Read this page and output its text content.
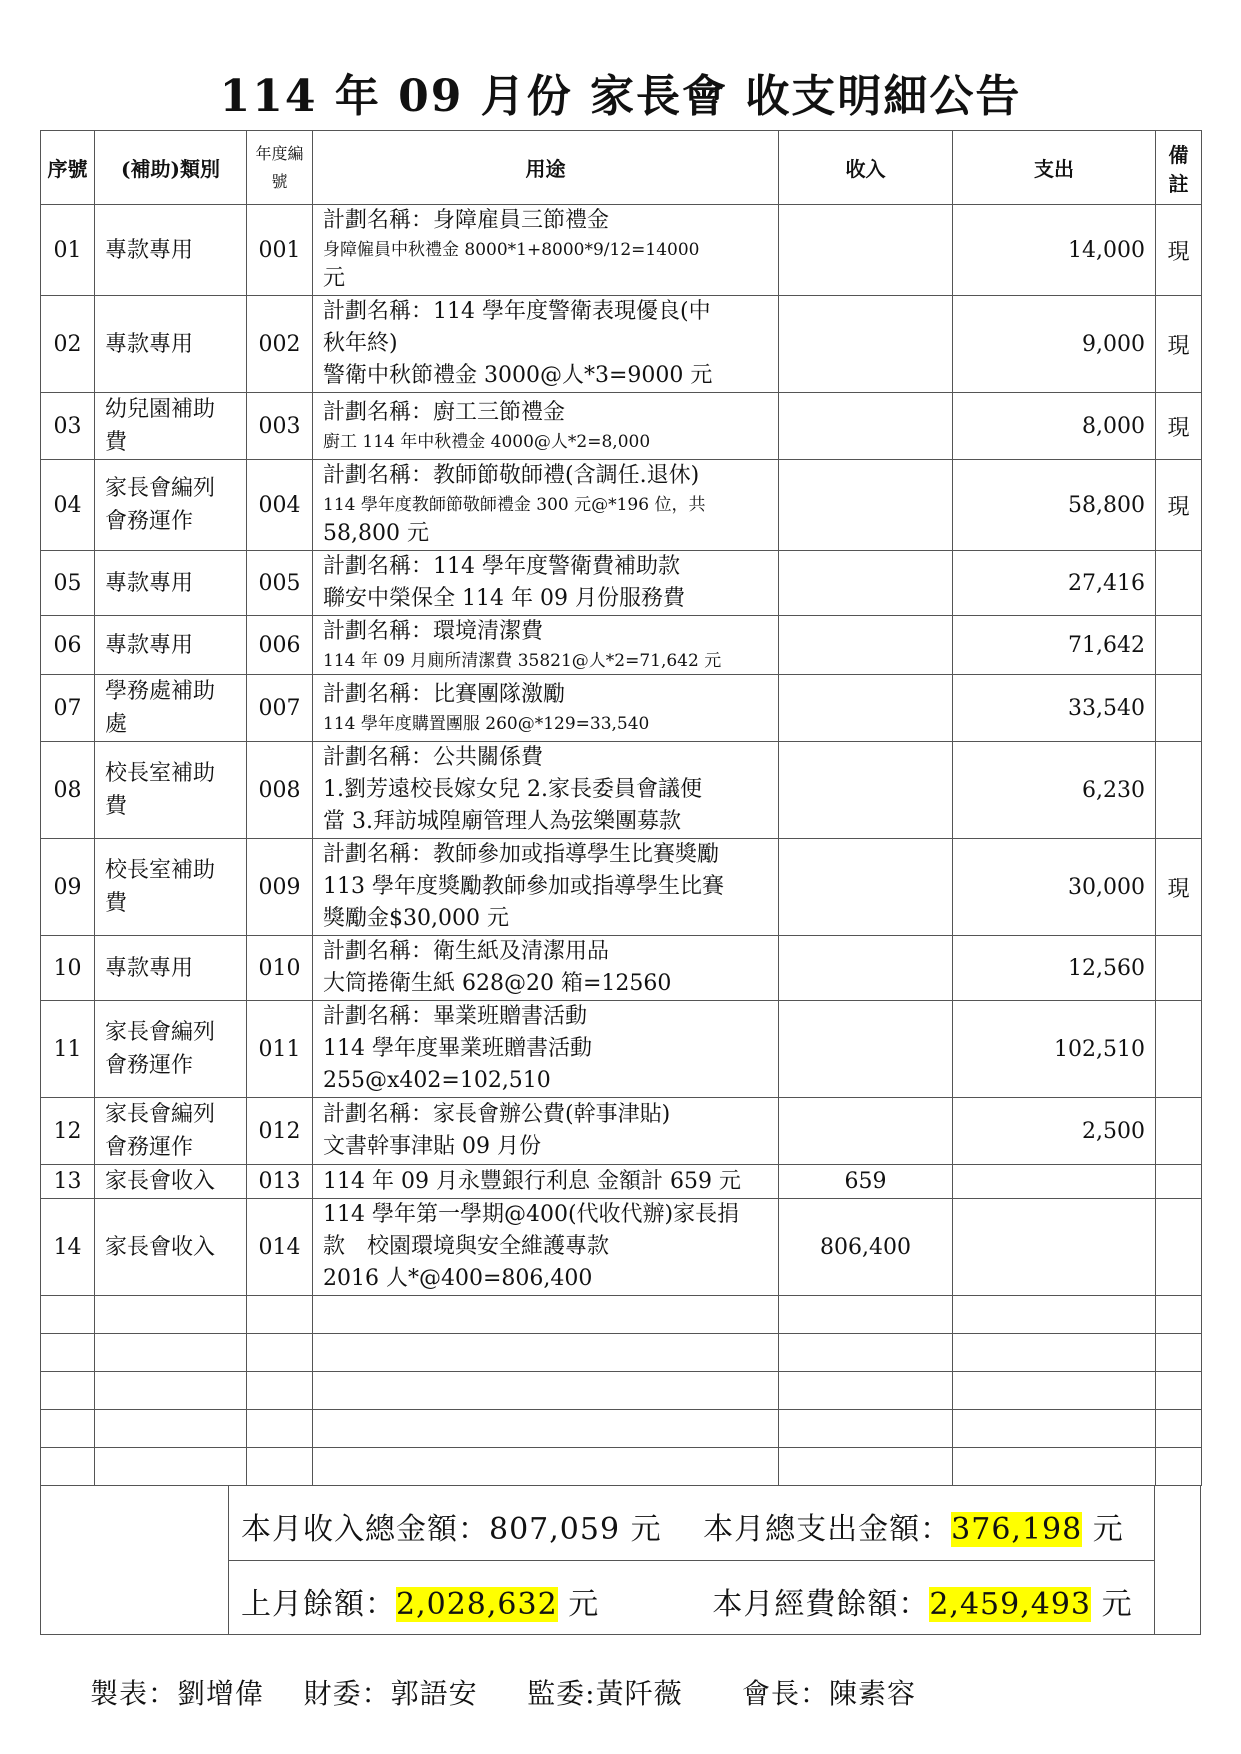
114 年 09 月份 家長會 收支明細公告
序號	(補助)類別	年度編號	用途	收入	支出	備註
01	專款專用	001	計劃名稱：身障雇員三節禮金
身障僱員中秋禮金 8000*1+8000*9/12=14000
元		14,000	現
02	專款專用	002	計劃名稱：114 學年度警衛表現優良(中
秋年終)
警衛中秋節禮金 3000@人*3=9000 元		9,000	現
03	幼兒園補助費	003	計劃名稱：廚工三節禮金
廚工 114 年中秋禮金 4000@人*2=8,000		8,000	現
04	家長會編列會務運作	004	計劃名稱：教師節敬師禮(含調任.退休)
114 學年度教師節敬師禮金 300 元@*196 位，共
58,800 元		58,800	現
05	專款專用	005	計劃名稱：114 學年度警衛費補助款
聯安中榮保全 114 年 09 月份服務費		27,416	
06	專款專用	006	計劃名稱：環境清潔費
114 年 09 月廁所清潔費 35821@人*2=71,642 元		71,642	
07	學務處補助處	007	計劃名稱：比賽團隊激勵
114 學年度購置團服 260@*129=33,540		33,540	
08	校長室補助費	008	計劃名稱：公共關係費
1.劉芳遠校長嫁女兒 2.家長委員會議便
當 3.拜訪城隍廟管理人為弦樂團募款		6,230	
09	校長室補助費	009	計劃名稱：教師參加或指導學生比賽獎勵
113 學年度獎勵教師參加或指導學生比賽
獎勵金$30,000 元		30,000	現
10	專款專用	010	計劃名稱：衛生紙及清潔用品
大筒捲衛生紙 628@20 箱=12560		12,560	
11	家長會編列會務運作	011	計劃名稱：畢業班贈書活動
114 學年度畢業班贈書活動
255@x402=102,510		102,510	
12	家長會編列會務運作	012	計劃名稱：家長會辦公費(幹事津貼)
文書幹事津貼 09 月份		2,500	
13	家長會收入	013	114 年 09 月永豐銀行利息 金額計 659 元	659		
14	家長會收入	014	114 學年第一學期@400(代收代辦)家長捐
款　校園環境與安全維護專款
2016 人*@400=806,400	806,400		

本月收入總金額：807,059 元　 本月總支出金額：376,198 元
上月餘額：2,028,632 元	本月經費餘額：2,459,493 元
製表：劉增偉 財委：郭語安 監委:黃阡薇 會長：陳素容
